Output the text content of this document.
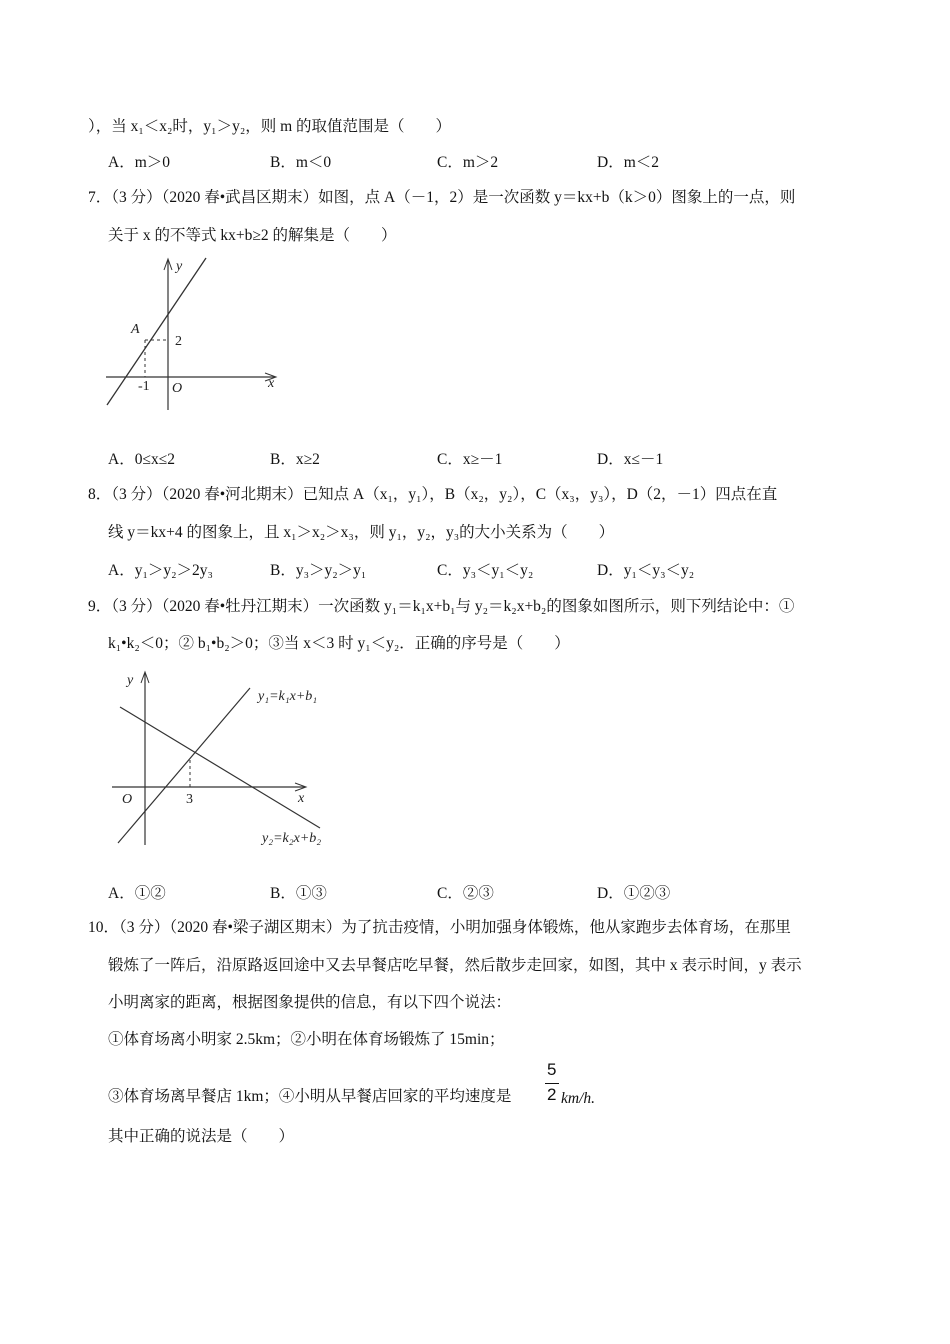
），当 x₁＜x₂时，y₁＞y₂，则 m 的取值范围是（　　）
A．m＞0	B．m＜0	C．m＞2	D．m＜2
7．（3 分）（2020 春•武昌区期末）如图，点 A（－1，2）是一次函数 y＝kx+b（k＞0）图象上的一点，则
关于 x 的不等式 kx+b≥2 的解集是（　　）
A
2
-1 O	x
y
A．0≤x≤2	B．x≥2	C．x≥－1	D．x≤－1
8．（3 分）（2020 春•河北期末）已知点 A（x₁，y₁），B（x₂，y₂），C（x₃，y₃），D（2，－1）四点在直
线 y＝kx+4 的图象上，且 x₁＞x₂＞x₃，则 y₁，y₂，y₃的大小关系为（　　）
A．y₁＞y₂＞2y₃	B．y₃＞y₂＞y₁	C．y₃＜y₁＜y₂	D．y₁＜y₃＜y₂
9．（3 分）（2020 春•牡丹江期末）一次函数 y₁＝k₁x+b₁与 y₂＝k₂x+b₂的图象如图所示，则下列结论中：①
k₁•k₂＜0；② b₁•b₂＞0；③当 x＜3 时 y₁＜y₂．正确的序号是（　　）
O	3	x
y
y₁=k₁x+b₁
y₂=k₂x+b₂
A．①②	B．①③	C．②③	D．①②③
10．（3 分）（2020 春•梁子湖区期末）为了抗击疫情，小明加强身体锻炼，他从家跑步去体育场，在那里
锻炼了一阵后，沿原路返回途中又去早餐店吃早餐，然后散步走回家，如图，其中 x 表示时间，y 表示
小明离家的距离，根据图象提供的信息，有以下四个说法：
①体育场离小明家 2.5km；②小明在体育场锻炼了 15min；
③体育场离早餐店 1km；④小明从早餐店回家的平均速度是
5
2 km/h.
其中正确的说法是（　　）
